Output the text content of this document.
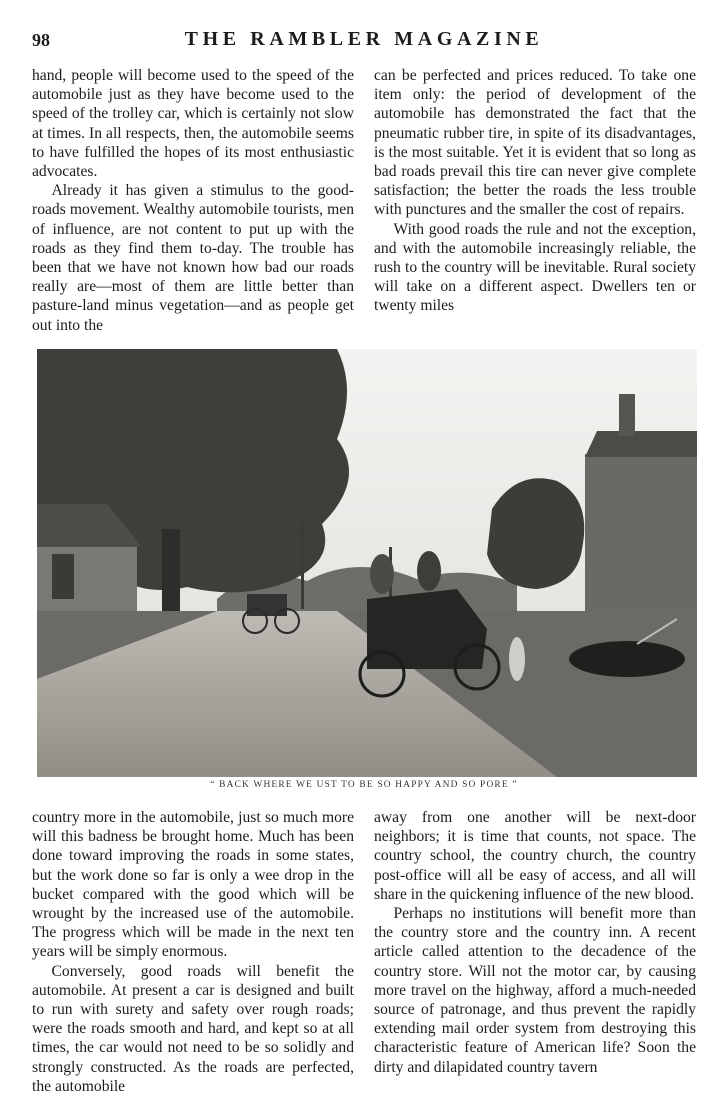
98	THE RAMBLER MAGAZINE

hand, people will become used to the speed of the automobile just as they have become used to the speed of the trolley car, which is certainly not slow at times. In all respects, then, the automobile seems to have fulfilled the hopes of its most enthusiastic advocates.

Already it has given a stimulus to the good-roads movement. Wealthy automobile tourists, men of influence, are not content to put up with the roads as they find them to-day. The trouble has been that we have not known how bad our roads really are—most of them are little better than pasture-land minus vegetation—and as people get out into the

can be perfected and prices reduced. To take one item only: the period of development of the automobile has demonstrated the fact that the pneumatic rubber tire, in spite of its disadvantages, is the most suitable. Yet it is evident that so long as bad roads prevail this tire can never give complete satisfaction; the better the roads the less trouble with punctures and the smaller the cost of repairs.

With good roads the rule and not the exception, and with the automobile increasingly reliable, the rush to the country will be inevitable. Rural society will take on a different aspect. Dwellers ten or twenty miles

“ BACK WHERE WE UST TO BE SO HAPPY AND SO PORE ”

country more in the automobile, just so much more will this badness be brought home. Much has been done toward improving the roads in some states, but the work done so far is only a wee drop in the bucket compared with the good which will be wrought by the increased use of the automobile. The progress which will be made in the next ten years will be simply enormous.

Conversely, good roads will benefit the automobile. At present a car is designed and built to run with surety and safety over rough roads; were the roads smooth and hard, and kept so at all times, the car would not need to be so solidly and strongly constructed. As the roads are perfected, the automobile

away from one another will be next-door neighbors; it is time that counts, not space. The country school, the country church, the country post-office will all be easy of access, and all will share in the quickening influence of the new blood.

Perhaps no institutions will benefit more than the country store and the country inn. A recent article called attention to the decadence of the country store. Will not the motor car, by causing more travel on the highway, afford a much-needed source of patronage, and thus prevent the rapidly extending mail order system from destroying this characteristic feature of American life? Soon the dirty and dilapidated country tavern
